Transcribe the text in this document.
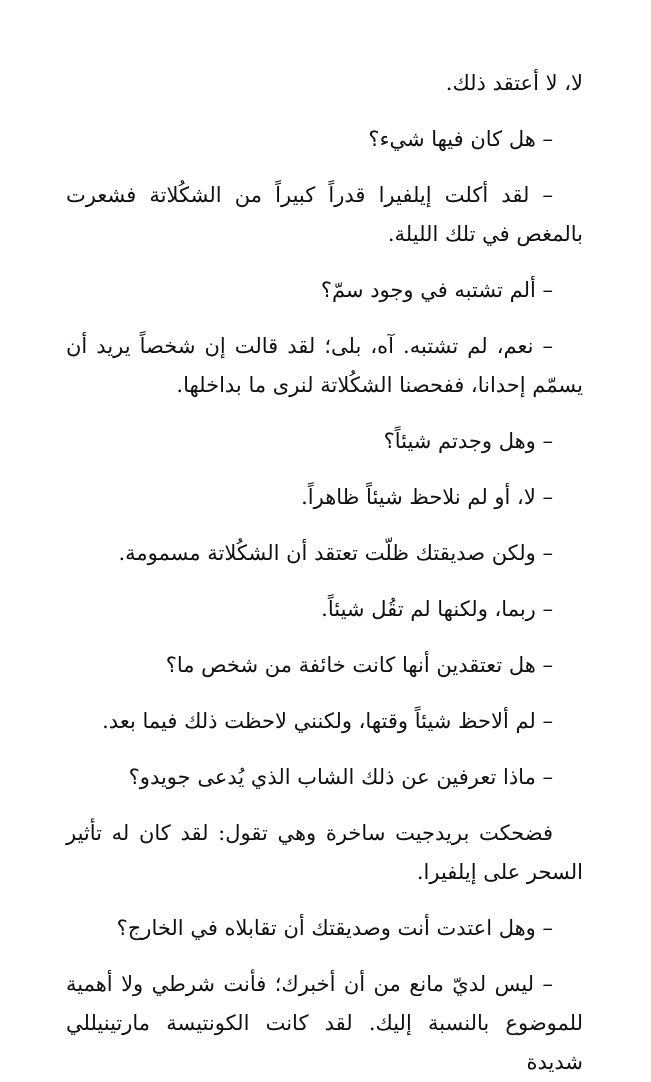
لا، لا أعتقد ذلك.

– هل كان فيها شيء؟

– لقد أكلت إيلفيرا قدراً كبيراً من الشكُلاتة فشعرت بالمغص في تلك الليلة.

– ألم تشتبه في وجود سمّ؟

– نعم، لم تشتبه. آه، بلى؛ لقد قالت إن شخصاً يريد أن يسمّم إحدانا، ففحصنا الشكُلاتة لنرى ما بداخلها.

– وهل وجدتم شيئاً؟

– لا، أو لم نلاحظ شيئاً ظاهراً.

– ولكن صديقتك ظلّت تعتقد أن الشكُلاتة مسمومة.

– ربما، ولكنها لم تقُل شيئاً.

– هل تعتقدين أنها كانت خائفة من شخص ما؟

– لم ألاحظ شيئاً وقتها، ولكنني لاحظت ذلك فيما بعد.

– ماذا تعرفين عن ذلك الشاب الذي يُدعى جويدو؟

فضحكت بريدجيت ساخرة وهي تقول: لقد كان له تأثير السحر على إيلفيرا.

– وهل اعتدت أنت وصديقتك أن تقابلاه في الخارج؟

– ليس لديّ مانع من أن أخبرك؛ فأنت شرطي ولا أهمية للموضوع بالنسبة إليك. لقد كانت الكونتيسة مارتينيللي شديدة
